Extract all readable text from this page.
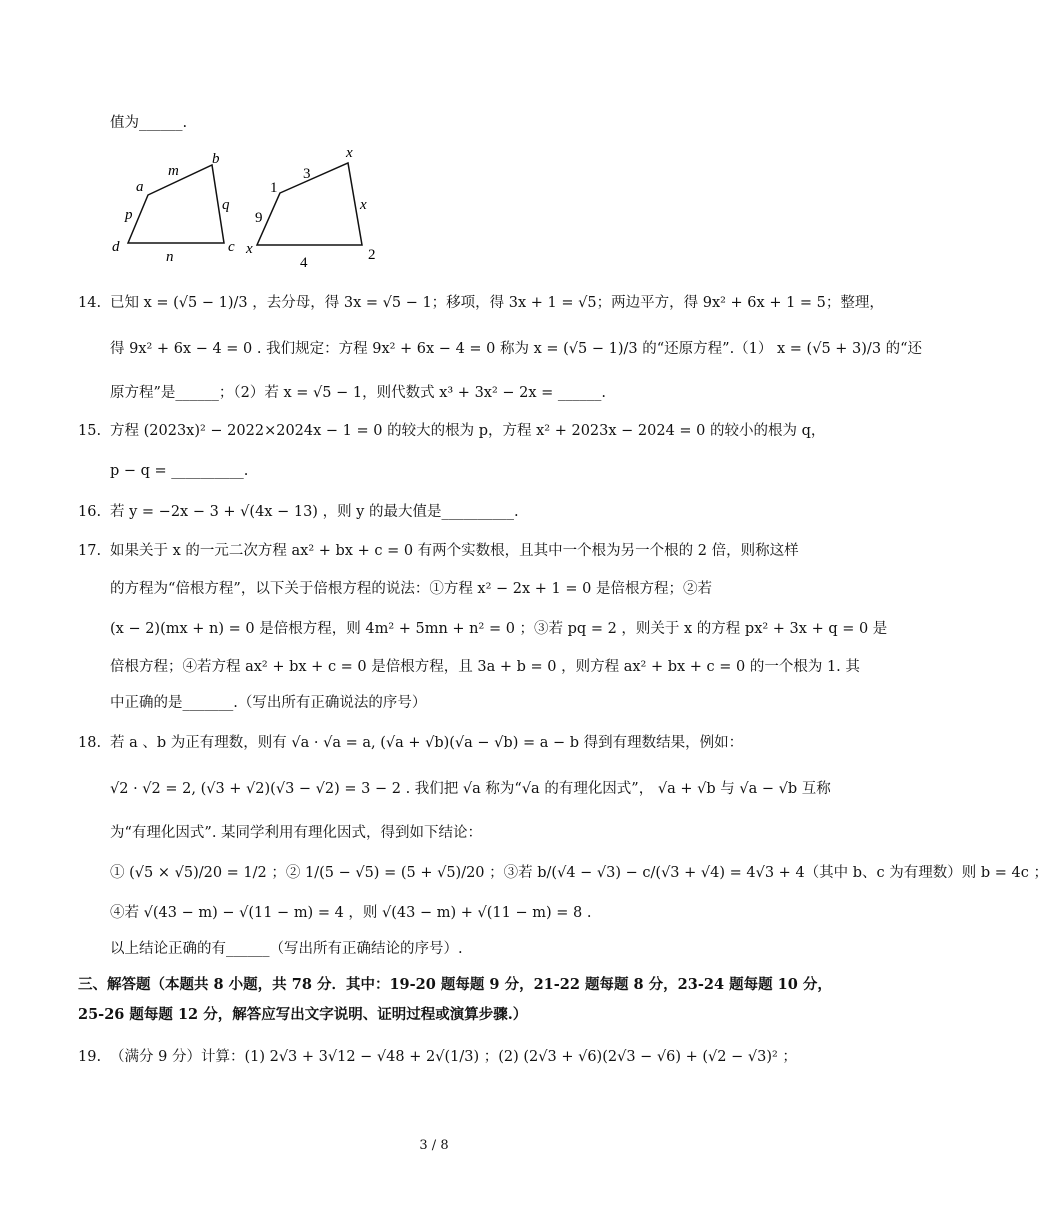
值为______.
m
b
a
p
q
d
n
c
x
3
1
9
x
x
4	2
14. 已知 x = (√5 − 1)/3 ，去分母，得 3x = √5 − 1；移项，得 3x + 1 = √5；两边平方，得 9x² + 6x + 1 = 5；整理，
得 9x² + 6x − 4 = 0 . 我们规定：方程 9x² + 6x − 4 = 0 称为 x = (√5 − 1)/3 的“还原方程”.（1） x = (√5 + 3)/3 的“还
原方程”是______；（2）若 x = √5 − 1，则代数式 x³ + 3x² − 2x = ______.
15. 方程 (2023x)² − 2022×2024x − 1 = 0 的较大的根为 p，方程 x² + 2023x − 2024 = 0 的较小的根为 q，
p − q = __________.
16. 若 y = −2x − 3 + √(4x − 13) ，则 y 的最大值是__________.
17. 如果关于 x 的一元二次方程 ax² + bx + c = 0 有两个实数根，且其中一个根为另一个根的 2 倍，则称这样
的方程为“倍根方程”，以下关于倍根方程的说法：①方程 x² − 2x + 1 = 0 是倍根方程；②若
(x − 2)(mx + n) = 0 是倍根方程，则 4m² + 5mn + n² = 0 ；③若 pq = 2 ，则关于 x 的方程 px² + 3x + q = 0 是
倍根方程；④若方程 ax² + bx + c = 0 是倍根方程，且 3a + b = 0 ，则方程 ax² + bx + c = 0 的一个根为 1. 其
中正确的是_______.（写出所有正确说法的序号）
18. 若 a 、b 为正有理数，则有 √a · √a = a, (√a + √b)(√a − √b) = a − b 得到有理数结果，例如：
√2 · √2 = 2, (√3 + √2)(√3 − √2) = 3 − 2 . 我们把 √a 称为“√a 的有理化因式”， √a + √b 与 √a − √b 互称
为“有理化因式”. 某同学利用有理化因式，得到如下结论：
① (√5 × √5)/20 = 1/2 ；② 1/(5 − √5) = (5 + √5)/20 ；③若 b/(√4 − √3) − c/(√3 + √4) = 4√3 + 4（其中 b、c 为有理数）则 b = 4c ；
④若 √(43 − m) − √(11 − m) = 4 ，则 √(43 − m) + √(11 − m) = 8 .
以上结论正确的有______（写出所有正确结论的序号）.
三、解答题（本题共 8 小题，共 78 分．其中：19-20 题每题 9 分，21-22 题每题 8 分，23-24 题每题 10 分，
25-26 题每题 12 分，解答应写出文字说明、证明过程或演算步骤.）
19. （满分 9 分）计算：(1) 2√3 + 3√12 − √48 + 2√(1/3) ；(2) (2√3 + √6)(2√3 − √6) + (√2 − √3)² ；
3 / 8
